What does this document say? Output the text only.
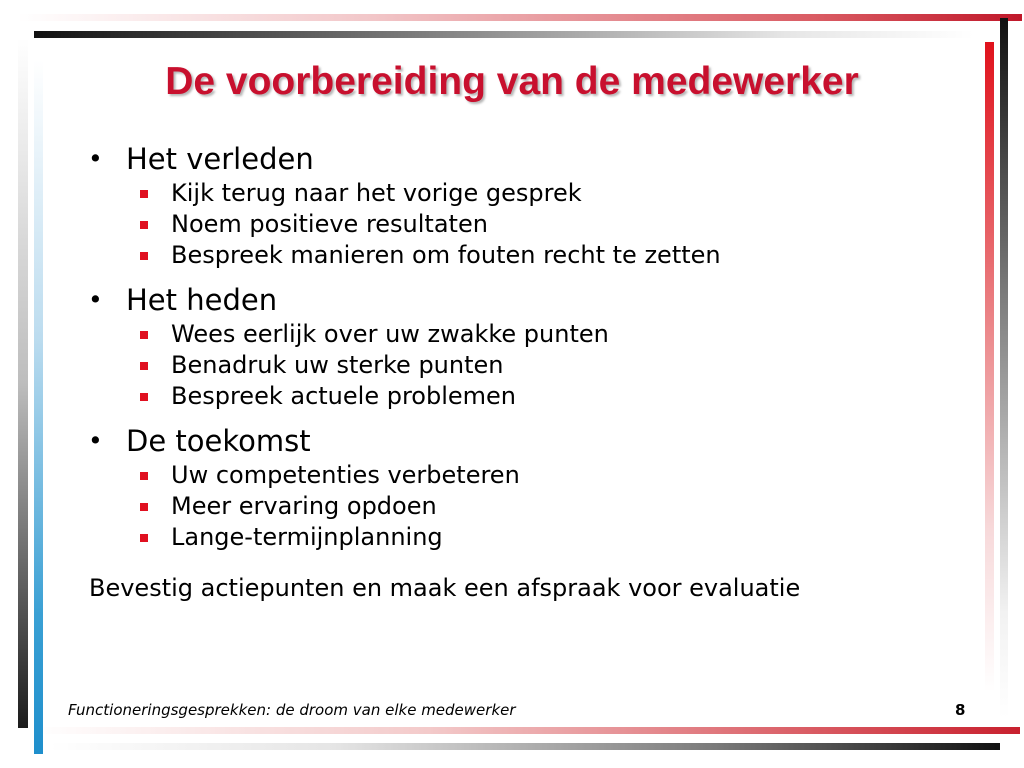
De voorbereiding van de medewerker

• Het verleden

Kijk terug naar het vorige gesprek
Noem positieve resultaten
Bespreek manieren om fouten recht te zetten

• Het heden

Wees eerlijk over uw zwakke punten
Benadruk uw sterke punten
Bespreek actuele problemen

• De toekomst

Uw competenties verbeteren
Meer ervaring opdoen
Lange-termijnplanning
Bevestig actiepunten en maak een afspraak voor evaluatie
Functioneringsgesprekken: de droom van elke medewerker	8
